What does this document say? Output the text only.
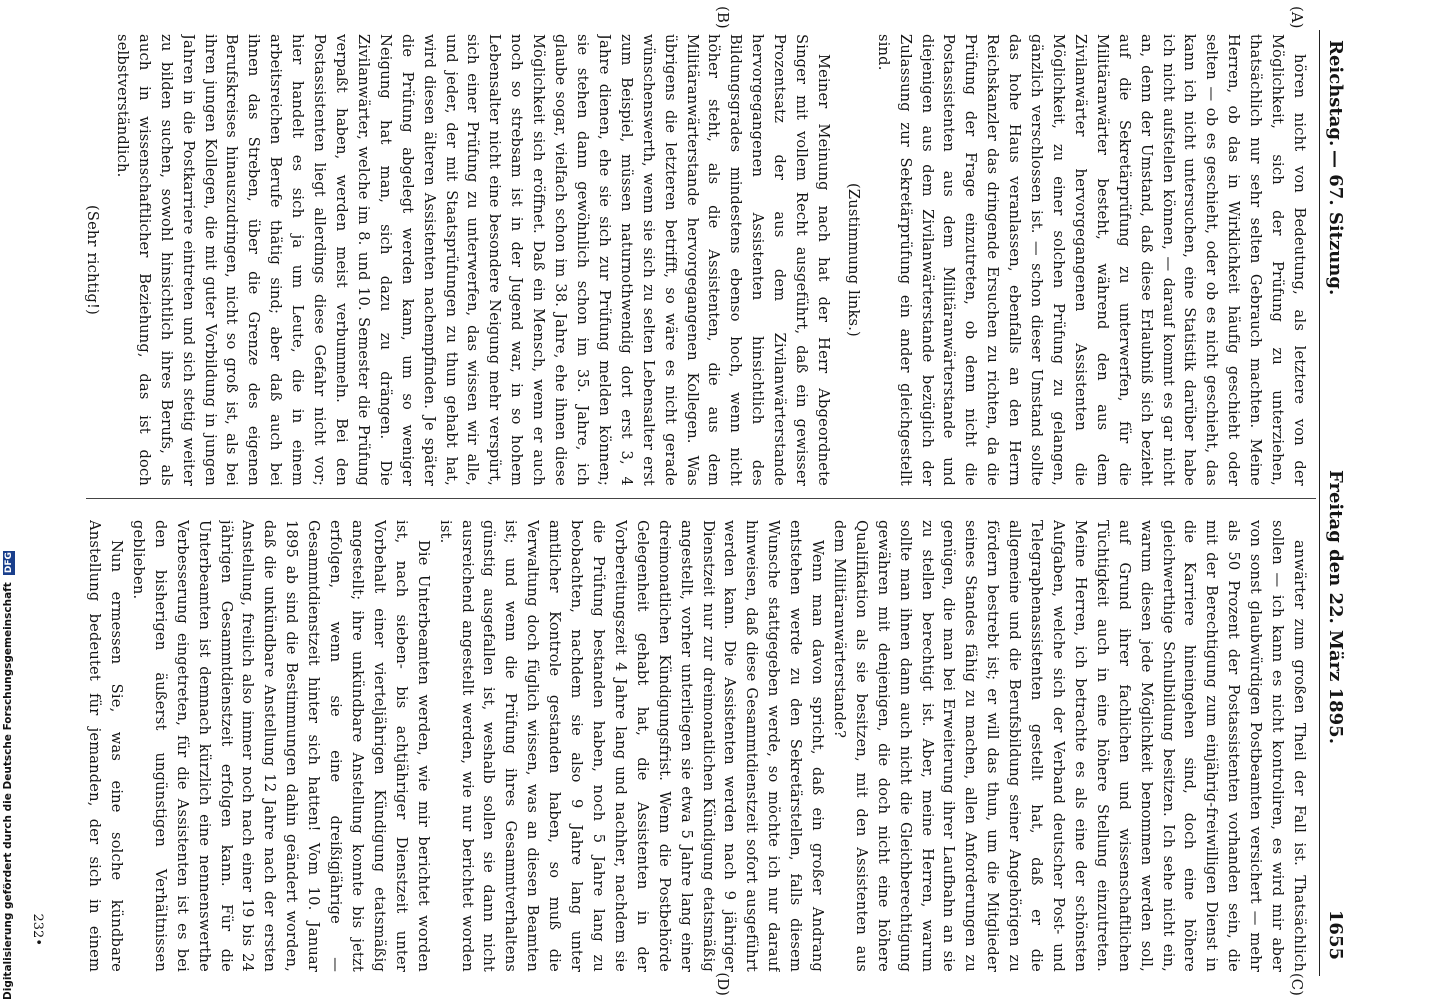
Reichstag.
— 67. Sitzung.
Freitag den 22. März 1895.
1655
(A)
(B)
(C)
(D)

hören nicht von Bedeutung, als letztere von der Möglichkeit, sich der Prüfung zu unterziehen, thatsächlich nur sehr selten Gebrauch machten. Meine Herren, ob das in Wirklichkeit häufig geschieht oder selten — ob es geschieht, oder ob es nicht geschieht, das kann ich nicht untersuchen, eine Statistik darüber habe ich nicht aufstellen können, — darauf kommt es gar nicht an, denn der Umstand, daß diese Erlaubniß sich bezieht auf die Sekretärprüfung zu unterwerfen, für die Militäranwärter besteht, während den aus dem Zivilanwärter hervorgegangenen Assistenten die Möglichkeit, zu einer solchen Prüfung zu gelangen, gänzlich verschlossen ist. — schon dieser Umstand sollte das hohe Haus veranlassen, ebenfalls an den Herrn Reichskanzler das dringende Ersuchen zu richten, da die Prüfung der Frage einzutreten, ob denn nicht die Postassistenten aus dem Militäranwärterstande und diejenigen aus dem Zivilanwärterstande bezüglich der Zulassung zur Sekretärprüfung ein ander gleichgestellt sind.

(Zustimmung links.)

Meiner Meinung nach hat der Herr Abgeordnete Singer mit vollem Recht ausgeführt, daß ein gewisser Prozentsatz der aus dem Zivilanwärterstande hervorgegangenen Assistenten hinsichtlich des Bildungsgrades mindestens ebenso hoch, wenn nicht höher steht, als die Assistenten, die aus dem Militäranwärterstande hervorgegangenen Kollegen. Was übrigens die letzteren betrifft, so wäre es nicht gerade wünschenswerth, wenn sie sich zu selten Lebensalter erst zum Beispiel, müssen naturnothwendig dort erst 3, 4 Jahre dienen, ehe sie sich zur Prüfung melden können; sie stehen dann gewöhnlich schon im 35. Jahre, ich glaube sogar, vielfach schon im 38. Jahre, ehe ihnen diese Möglichkeit sich eröffnet. Daß ein Mensch, wenn er auch noch so strebsam ist in der Jugend war, in so hohem Lebensalter nicht eine besondere Neigung mehr verspürt, sich einer Prüfung zu unterwerfen, das wissen wir alle, und jeder, der mit Staatsprüfungen zu thun gehabt hat, wird diesen älteren Assistenten nachempfinden. Je später die Prüfung abgelegt werden kann, um so weniger Neigung hat man, sich dazu zu drängen. Die Zivilanwärter, welche im 8. und 10. Semester die Prüfung verpaßt haben, werden meist verbummeln. Bei den Postassistenten liegt allerdings diese Gefahr nicht vor; hier handelt es sich ja um Leute, die in einem arbeitsreichen Berufe thätig sind; aber daß auch bei ihnen das Streben, über die Grenze des eigenen Berufskreises hinauszudringen, nicht so groß ist, als bei ihren jungen Kollegen, die mit guter Vorbildung in jungen Jahren in die Postkarriere eintreten und sich stetig weiter zu bilden suchen, sowohl hinsichtlich ihres Berufs, als auch in wissenschaftlicher Beziehung, das ist doch selbstverständlich.

(Sehr richtig!)

anwärter zum großen Theil der Fall ist. Thatsächlich sollen — ich kann es nicht kontroliren, es wird mir aber von sonst glaubwürdigen Postbeamten versichert — mehr als 50 Prozent der Postassistenten vorhanden sein, die mit der Berechtigung zum einjährig-freiwilligen Dienst in die Karriere hineingehen sind, doch eine höhere gleichwerthige Schulbildung besitzen. Ich sehe nicht ein, warum diesen jede Möglichkeit benommen werden soll, auf Grund ihrer fachlichen und wissenschaftlichen Tüchtigkeit auch in eine höhere Stellung einzutreten. Meine Herren, ich betrachte es als eine der schönsten Aufgaben, welche sich der Verband deutscher Post- und Telegraphenassistenten gestellt hat, daß er die allgemeine und die Berufsbildung seiner Angehörigen zu fördern bestrebt ist; er will das thun, um die Mitglieder seines Standes fähig zu machen, allen Anforderungen zu genügen, die man bei Erweiterung ihrer Laufbahn an sie zu stellen berechtigt ist. Aber, meine Herren, warum sollte man ihnen dann auch nicht die Gleichberechtigung gewähren mit denjenigen, die doch nicht eine höhere Qualifikation als sie besitzen, mit den Assistenten aus dem Militäranwärterstande?

Wenn man davon spricht, daß ein großer Andrang entstehen werde zu den Sekretärstellen, falls diesem Wunsche stattgegeben werde, so möchte ich nur darauf hinweisen, daß diese Gesammtdienstzeit sofort ausgeführt werden kann. Die Assistenten werden nach 9 jähriger Dienstzeit nur zur dreimonatlichen Kündigung etatsmäßig angestellt, vorher unterliegen sie etwa 5 Jahre lang einer dreimonatlichen Kündigungsfrist. Wenn die Postbehörde Gelegenheit gehabt hat, die Assistenten in der Vorbereitungszeit 4 Jahre lang und nachher, nachdem sie die Prüfung bestanden haben, noch 5 Jahre lang zu beobachten, nachdem sie also 9 Jahre lang unter amtlicher Kontrole gestanden haben, so muß die Verwaltung doch füglich wissen, was an diesen Beamten ist; und wenn die Prüfung ihres Gesammtverhaltens günstig ausgefallen ist, weshalb sollen sie dann nicht ausreichend angestellt werden, wie nur berichtet worden ist.

Die Unterbeamten werden, wie mir berichtet worden ist, nach sieben- bis achtjähriger Dienstzeit unter Vorbehalt einer vierteljährigen Kündigung etatsmäßig angestellt; ihre unkündbare Anstellung konnte bis jetzt erfolgen, wenn sie eine dreißigjährige — Gesammtdienstzeit hinter sich hatten! Vom 10. Januar 1895 ab sind die Bestimmungen dahin geändert worden, daß die unkündbare Anstellung 12 Jahre nach der ersten Anstellung, freilich also immer noch nach einer 19 bis 24 jährigen Gesammtdienstzeit erfolgen kann. Für die Unterbeamten ist demnach kürzlich eine nennenswerthe Verbesserung eingetreten, für die Assistenten ist es bei den bisherigen äußerst ungünstigen Verhältnissen geblieben.

Nun ermessen Sie, was eine solche kündbare Anstellung bedeutet für jemanden, der sich in einem

232•
Digitalisierung gefördert durch die Deutsche Forschungsgemeinschaft DFG
